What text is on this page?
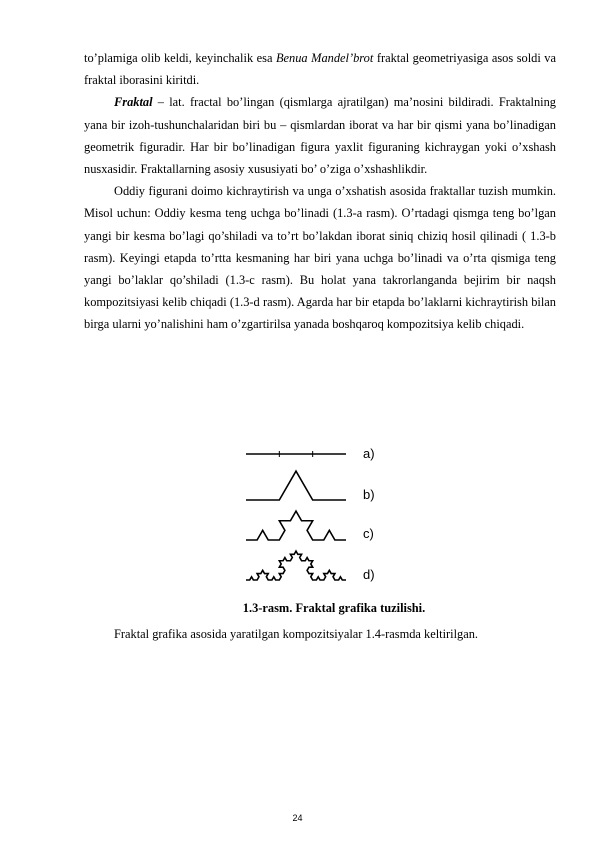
to’plamiga olib keldi, keyinchalik esa Benua Mandel’brot fraktal geometriyasiga asos soldi va fraktal iborasini kiritdi.

Fraktal – lat. fractal bo’lingan (qismlarga ajratilgan) ma’nosini bildiradi. Fraktalning yana bir izoh-tushunchalaridan biri bu – qismlardan iborat va har bir qismi yana bo’linadigan geometrik figuradir. Har bir bo’linadigan figura yaxlit figuraning kichraygan yoki o’xshash nusxasidir. Fraktallarning asosiy xususiyati bo’ o’ziga o’xshashlikdir.

Oddiy figurani doimo kichraytirish va unga o’xshatish asosida fraktallar tuzish mumkin. Misol uchun: Oddiy kesma teng uchga bo’linadi (1.3-a rasm). O’rtadagi qismga teng bo’lgan yangi bir kesma bo’lagi qo’shiladi va to’rt bo’lakdan iborat siniq chiziq hosil qilinadi ( 1.3-b rasm). Keyingi etapda to’rtta kesmaning har biri yana uchga bo’linadi va o’rta qismiga teng yangi bo’laklar qo’shiladi (1.3-c rasm). Bu holat yana takrorlanganda bejirim bir naqsh kompozitsiyasi kelib chiqadi (1.3-d rasm). Agarda har bir etapda bo’laklarni kichraytirish bilan birga ularni yo’nalishini ham o’zgartirilsa yanada boshqaroq kompozitsiya kelib chiqadi.

a)
b)
c)
d)
1.3-rasm. Fraktal grafika tuzilishi.
Fraktal grafika asosida yaratilgan kompozitsiyalar 1.4-rasmda keltirilgan.
24
